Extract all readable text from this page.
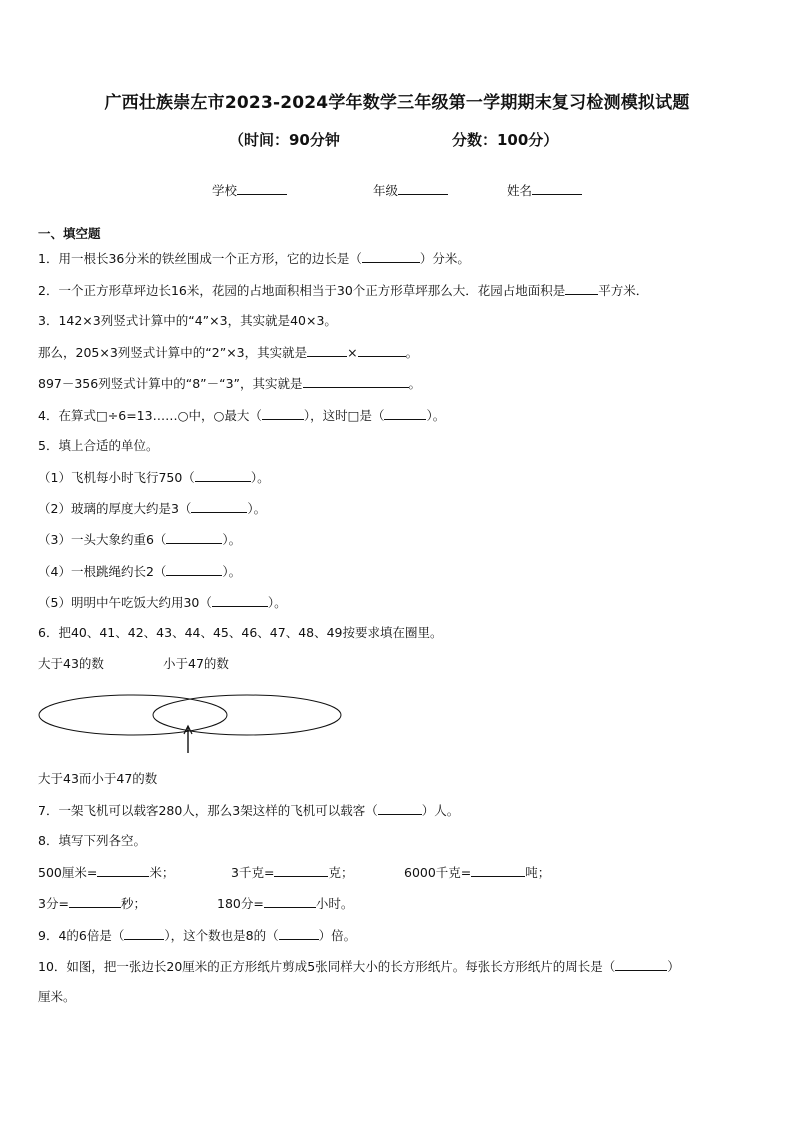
广西壮族崇左市2023-2024学年数学三年级第一学期期末复习检测模拟试题
（时间：90分钟	分数：100分）
学校	年级	姓名
一、填空题
1．用一根长36分米的铁丝围成一个正方形，它的边长是（	）分米。
2．一个正方形草坪边长16米，花园的占地面积相当于30个正方形草坪那么大．花园占地面积是	平方米．
3．142×3列竖式计算中的“4”×3，其实就是40×3。
那么，205×3列竖式计算中的“2”×3，其实就是	×	。
897－356列竖式计算中的“8”－“3”，其实就是	。
4．在算式□÷6=13……○中，○最大（	），这时□是（	）。
5．填上合适的单位。
（1）飞机每小时飞行750（	）。
（2）玻璃的厚度大约是3（	）。
（3）一头大象约重6（	）。
（4）一根跳绳约长2（	）。
（5）明明中午吃饭大约用30（	）。
6．把40、41、42、43、44、45、46、47、48、49按要求填在圈里。
大于43的数	小于47的数
大于43而小于47的数
7．一架飞机可以载客280人，那么3架这样的飞机可以载客（	）人。
8．填写下列各空。
500厘米=	米；	3千克=	克；	6000千克=	吨；
3分=	秒；	180分=	小时。
9．4的6倍是（	），这个数也是8的（	）倍。
10．如图，把一张边长20厘米的正方形纸片剪成5张同样大小的长方形纸片。每张长方形纸片的周长是（	）
厘米。
